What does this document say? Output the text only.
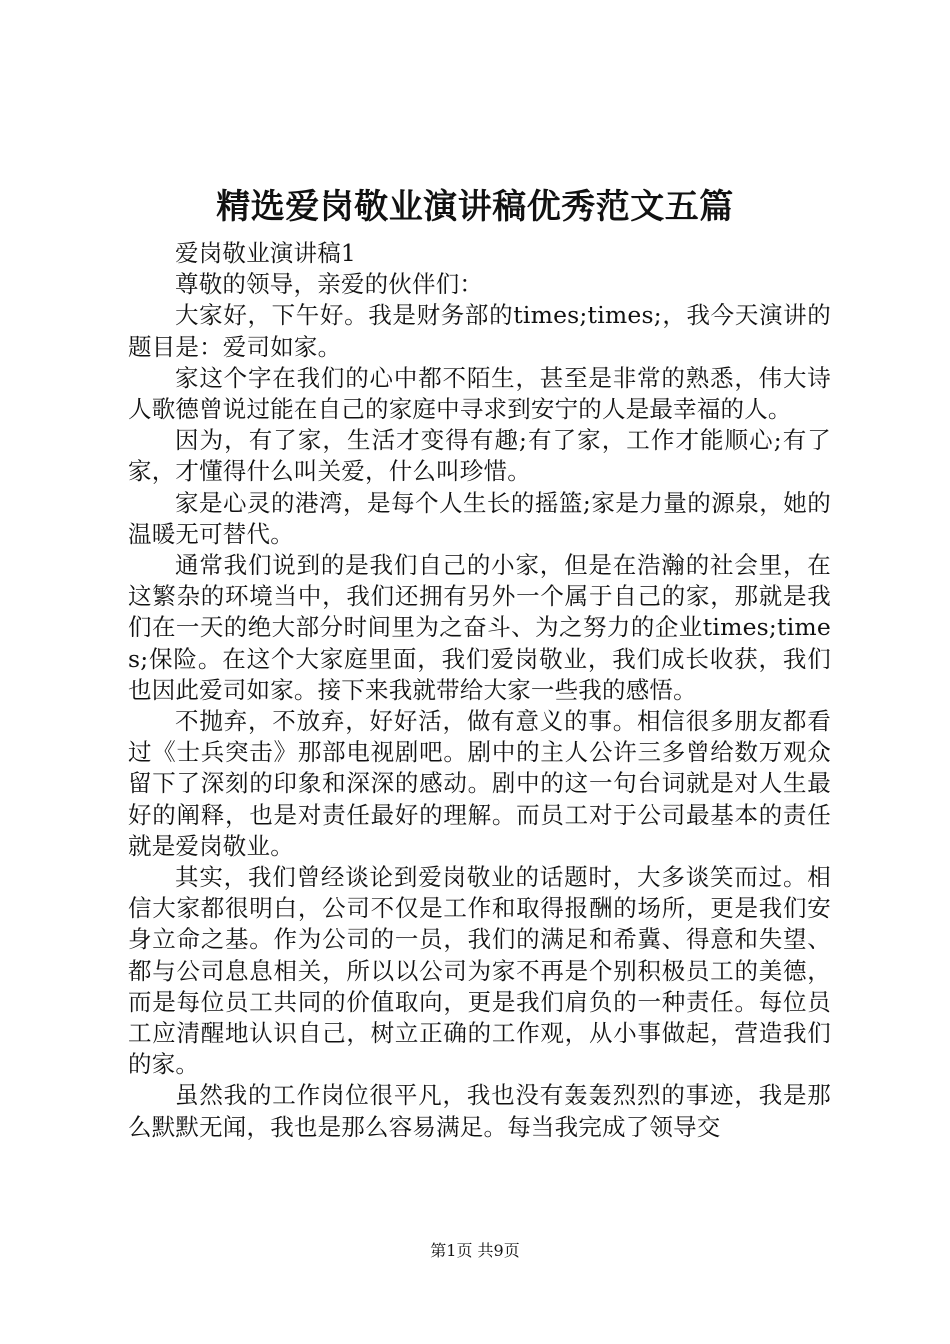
精选爱岗敬业演讲稿优秀范文五篇

爱岗敬业演讲稿1

尊敬的领导，亲爱的伙伴们：

大家好，下午好。我是财务部的times;times;，我今天演讲的题目是：爱司如家。

家这个字在我们的心中都不陌生，甚至是非常的熟悉，伟大诗人歌德曾说过能在自己的家庭中寻求到安宁的人是最幸福的人。

因为，有了家，生活才变得有趣;有了家，工作才能顺心;有了家，才懂得什么叫关爱，什么叫珍惜。

家是心灵的港湾，是每个人生长的摇篮;家是力量的源泉，她的温暖无可替代。

通常我们说到的是我们自己的小家，但是在浩瀚的社会里，在这繁杂的环境当中，我们还拥有另外一个属于自己的家，那就是我们在一天的绝大部分时间里为之奋斗、为之努力的企业times;times;保险。在这个大家庭里面，我们爱岗敬业，我们成长收获，我们也因此爱司如家。接下来我就带给大家一些我的感悟。

不抛弃，不放弃，好好活，做有意义的事。相信很多朋友都看过《士兵突击》那部电视剧吧。剧中的主人公许三多曾给数万观众留下了深刻的印象和深深的感动。剧中的这一句台词就是对人生最好的阐释，也是对责任最好的理解。而员工对于公司最基本的责任就是爱岗敬业。

其实，我们曾经谈论到爱岗敬业的话题时，大多谈笑而过。相信大家都很明白，公司不仅是工作和取得报酬的场所，更是我们安身立命之基。作为公司的一员，我们的满足和希冀、得意和失望、都与公司息息相关，所以以公司为家不再是个别积极员工的美德，而是每位员工共同的价值取向，更是我们肩负的一种责任。每位员工应清醒地认识自己，树立正确的工作观，从小事做起，营造我们的家。

虽然我的工作岗位很平凡，我也没有轰轰烈烈的事迹，我是那么默默无闻，我也是那么容易满足。每当我完成了领导交

第1页 共9页
